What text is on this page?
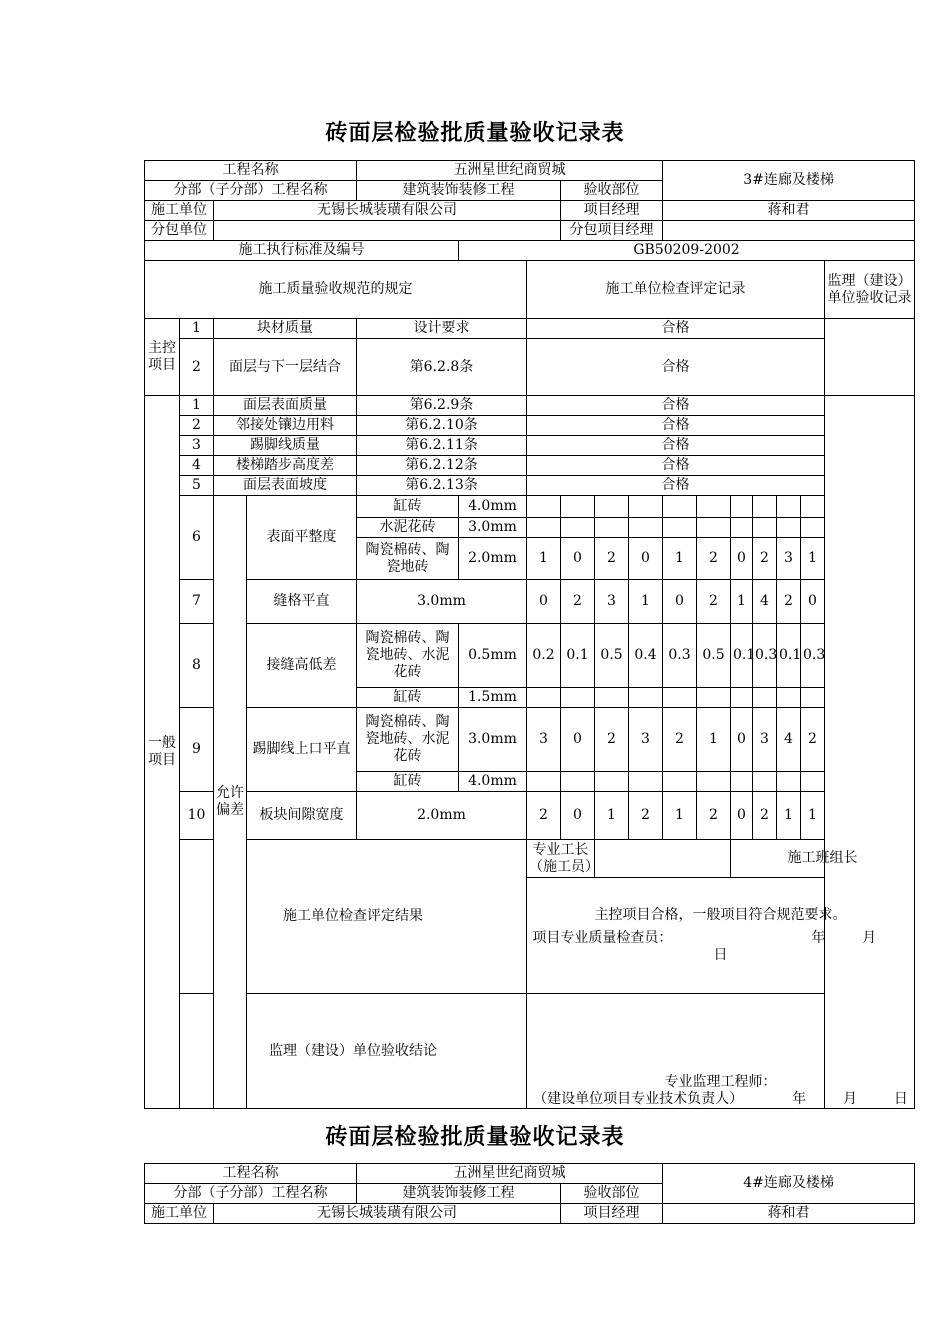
砖面层检验批质量验收记录表
工程名称				五洲星世纪商贸城						3#连廊及楼梯							
分部（子分部）工程名称				建筑装饰装修工程			验收部位										
施工单位		无锡长城装璜有限公司					项目经理			蒋和君							
分包单位							分包项目经理										
施工执行标准及编号					GB50209-2002												
施工质量验收规范的规定						施工单位检查评定记录										监理（建设）单位验收记录	
主控项目	1	块材质量		设计要求		合格											
	2	面层与下一层结合		第6.2.8条		合格											
一般项目	1	面层表面质量		第6.2.9条		合格											
	2	邻接处镶边用料		第6.2.10条		合格											
	3	踢脚线质量		第6.2.11条		合格											
	4	楼梯踏步高度差		第6.2.12条		合格											
	5	面层表面坡度		第6.2.13条		合格											
	6	允许偏差	表面平整度	缸砖	4.0mm												
				水泥花砖	3.0mm												
				陶瓷棉砖、陶瓷地砖	2.0mm	1	0	2	0	1	2	0	2	3	1		
	7		缝格平直	3.0mm		0	2	3	1	0	2	1	4	2	0		
	8		接缝高低差	陶瓷棉砖、陶瓷地砖、水泥花砖	0.5mm	0.2	0.1	0.5	0.4	0.3	0.5	0.1	0.3	0.1	0.3		
				缸砖	1.5mm												
	9		踢脚线上口平直	陶瓷棉砖、陶瓷地砖、水泥花砖	3.0mm	3	0	2	3	2	1	0	3	4	2		
				缸砖	4.0mm												
	10		板块间隙宽度	2.0mm		2	0	1	2	1	2	0	2	1	1		
	施工单位检查评定结果					专业工长（施工员）						施工班组长					

						主控项目合格，一般项目符合规范要求。
项目专业质量检查员： 年 月  日											

	监理（建设）单位验收结论					专业监理工程师：
（建设单位项目专业技术负责人） 年 月 日											
砖面层检验批质量验收记录表
工程名称		五洲星世纪商贸城		4#连廊及楼梯
分部（子分部）工程名称		建筑装饰装修工程	验收部位	
施工单位	无锡长城装璜有限公司		项目经理	蒋和君
